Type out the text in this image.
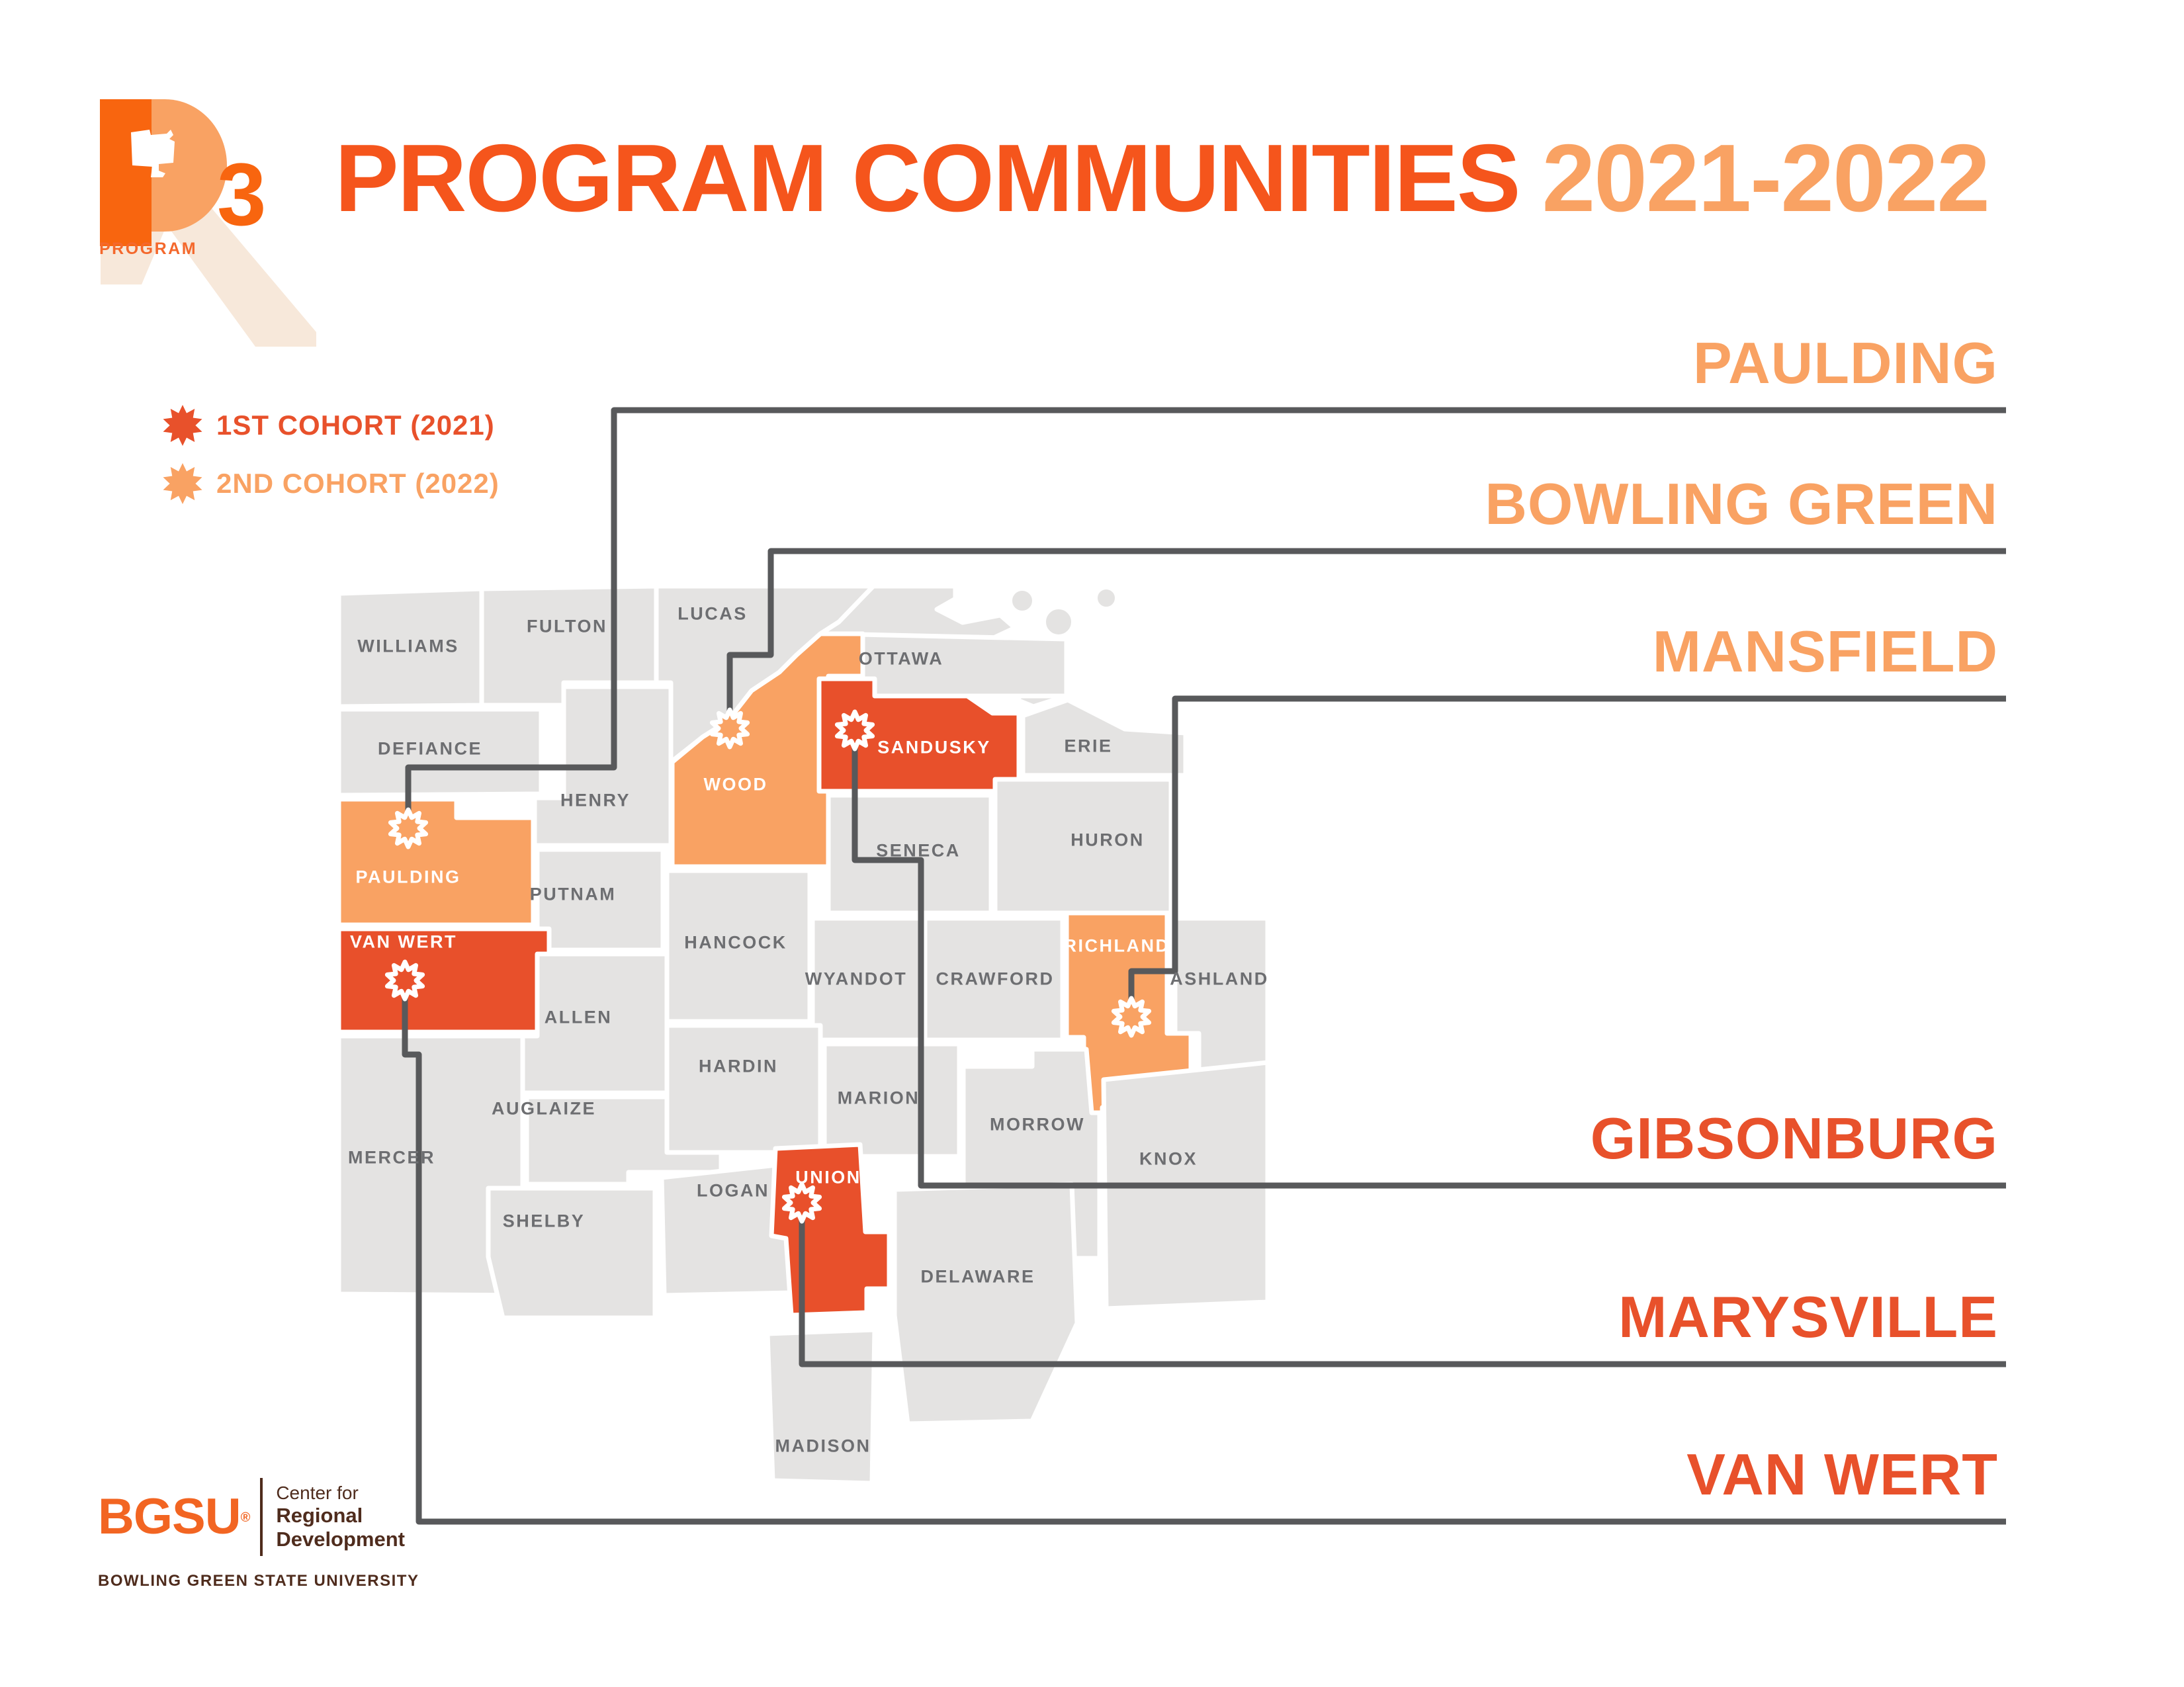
3
PROGRAM
PROGRAM COMMUNITIES 2021-2022
1ST COHORT (2021)
2ND COHORT (2022)
PAULDING
BOWLING GREEN
MANSFIELD
GIBSONBURG
MARYSVILLE
VAN WERT
WILLIAMS
FULTON
LUCAS
OTTAWA
DEFIANCE
HENRY
WOOD
SANDUSKY	ERIE
SENECA
HURON
PAULDING
PUTNAM
HANCOCK
VAN WERT
ALLEN
WYANDOT CRAWFORD
RICHLAND
ASHLAND
MERCER
AUGLAIZE
HARDIN
MARION
MORROW
KNOX
SHELBY
LOGAN
UNION
DELAWARE
MADISON
BGSU®
Center for
Regional
Development
BOWLING GREEN STATE UNIVERSITY
